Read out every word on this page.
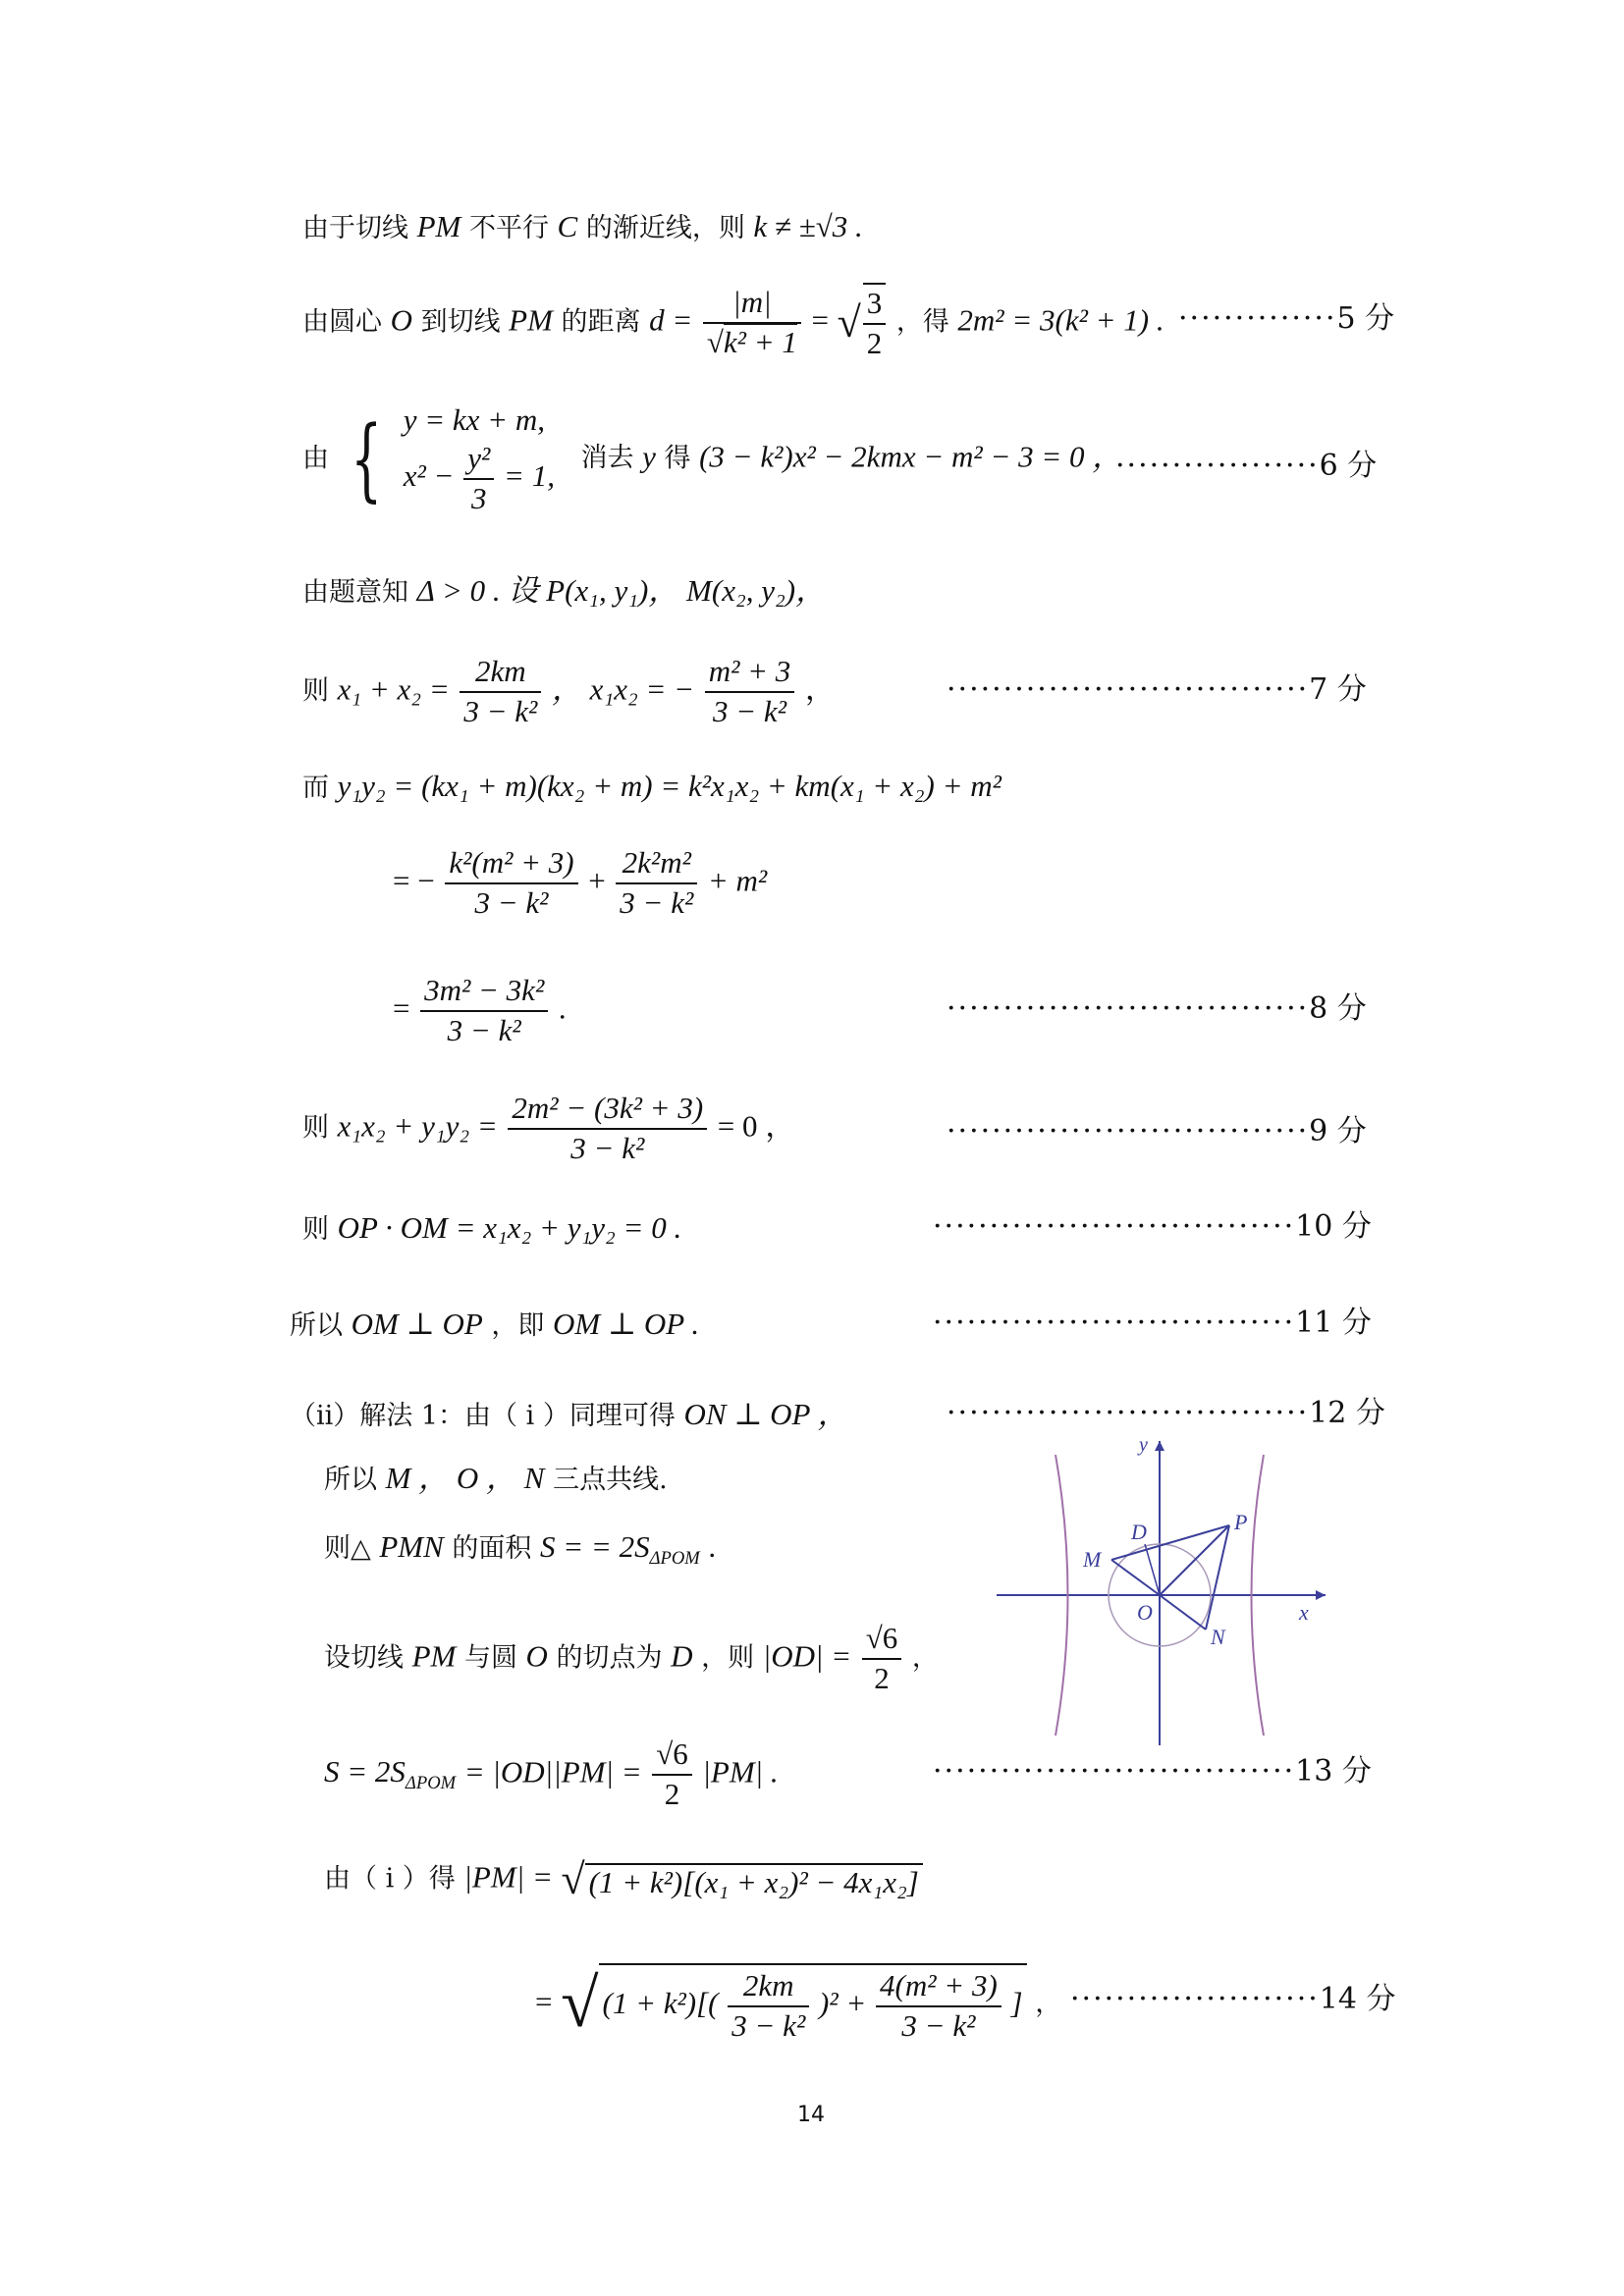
由于切线 PM 不平行 C 的渐近线，则 k ≠ ±√3 .
由圆心 O 到切线 PM 的距离 $d = \frac{|m|}{\text{√k² + 1}}$ = √ $\frac{3}{2}$ ，得 2m² = 3(k² + 1) . ··············5 分
由 { y = kx + m,
$x^2 - \frac{\text{y²}}{3} = 1$,
消去 y 得 (3 − k²)x² − 2kmx − m² − 3 = 0 ，
··················6 分
由题意知 Δ > 0 . 设 P(x₁, y₁)， M(x₂, y₂)，
则 $x_1 + x_2 = \frac{2km}{\text{3 − k²}}$ ， x₁x₂ = − $\frac{\text{m² + 3}}{\text{3 − k²}}$ ，	································7 分
而 y₁y₂ = (kx₁ + m)(kx₂ + m) = k²x₁x₂ + km(x₁ + x₂) + m²
= − $\frac{\text{k²(m² + 3)}}{\text{3 − k²}} + \frac{\text{2k²m²}}{\text{3 − k²}} + m^2$
= $\frac{\text{3m² − 3k²}}{\text{3 − k²}}$ .	································8 分
则 $x_1x_2 + y_1y_2 = \frac{\text{2m² − (3k² + 3)}}{\text{3 − k²}} = 0$ ，	································9 分
则 OP · OM = x₁x₂ + y₁y₂ = 0 .	································10 分
所以 OM ⊥ OP ，即 OM ⊥ OP .	································11 分
（ii）解法 1：由（ i ）同理可得 ON ⊥ OP ，	································12 分
所以 M ， O ， N 三点共线.
则△ PMN 的面积 S = = $2S_{\Delta POM}$ .
设切线 PM 与圆 O 的切点为 D ，则 $|OD| = \frac{√6}{2}$ ，
$S = 2S_{\Delta POM} = |OD||PM| = \frac{√6}{2} |PM|$ .	································13 分
由（ i ）得 |PM| = √ (1 + k²)[(x₁ + x₂)² − 4x₁x₂]
= √ $(1 + k^2)[( \frac{2km}{\text{3 − k²}} )^2 + \frac{\text{4(m² + 3)}}{\text{3 − k²}}$ ] ， ······················14 分
y
x
O
D	P
M
N
14
